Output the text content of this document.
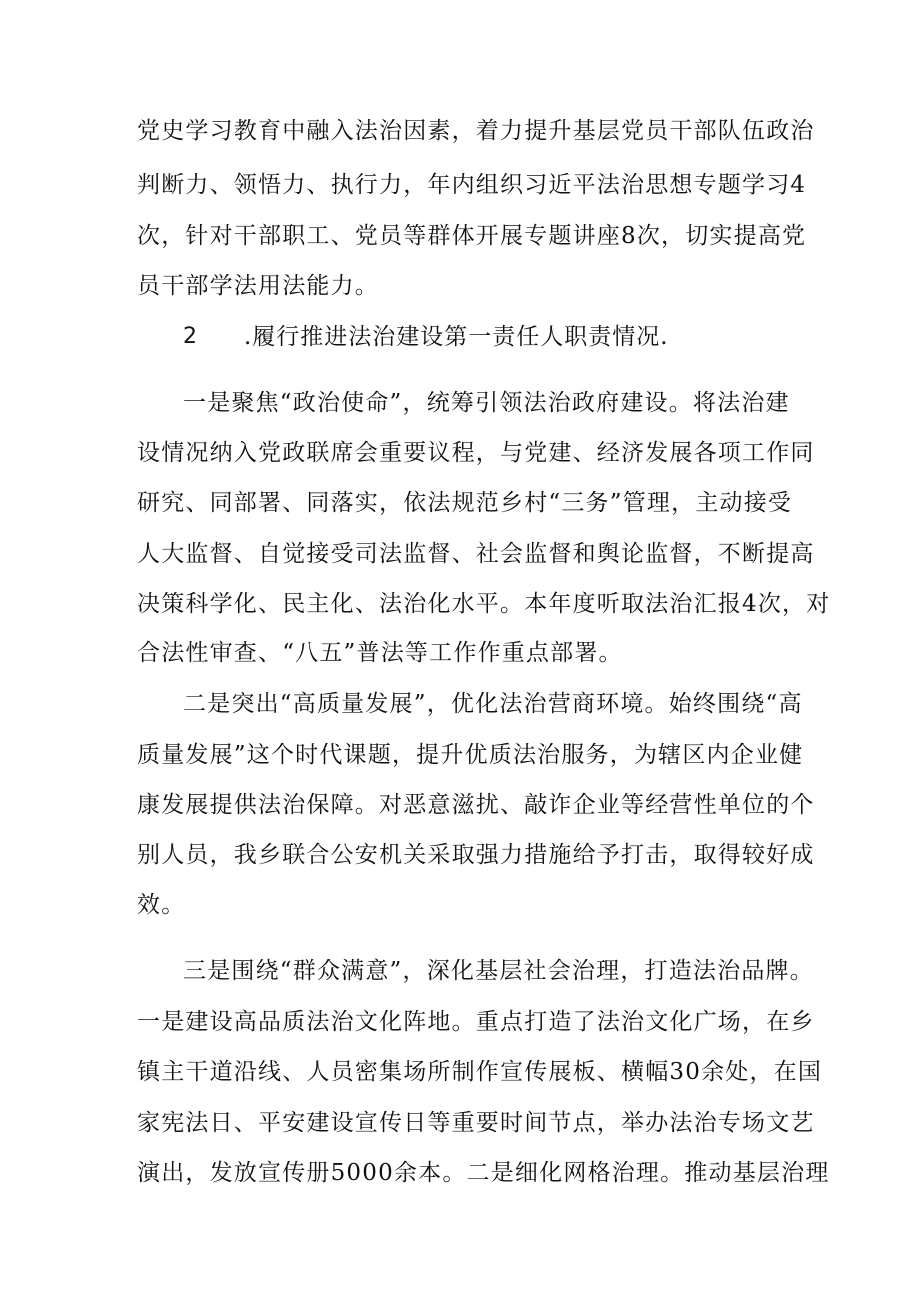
党史学习教育中融入法治因素，着力提升基层党员干部队伍政治
判断力、领悟力、执行力，年内组织习近平法治思想专题学习4
次，针对干部职工、党员等群体开展专题讲座8次，切实提高党
员干部学法用法能力。
2 .履行推进法治建设第一责任人职责情况.
一是聚焦“政治使命”，统筹引领法治政府建设。将法治建
设情况纳入党政联席会重要议程，与党建、经济发展各项工作同
研究、同部署、同落实，依法规范乡村“三务”管理，主动接受
人大监督、自觉接受司法监督、社会监督和舆论监督，不断提高
决策科学化、民主化、法治化水平。本年度听取法治汇报4次，对
合法性审查、“八五”普法等工作作重点部署。
二是突出“高质量发展”，优化法治营商环境。始终围绕“高
质量发展”这个时代课题，提升优质法治服务，为辖区内企业健
康发展提供法治保障。对恶意滋扰、敲诈企业等经营性单位的个
别人员，我乡联合公安机关采取强力措施给予打击，取得较好成
效。
三是围绕“群众满意”，深化基层社会治理，打造法治品牌。
一是建设高品质法治文化阵地。重点打造了法治文化广场，在乡
镇主干道沿线、人员密集场所制作宣传展板、横幅30余处，在国
家宪法日、平安建设宣传日等重要时间节点，举办法治专场文艺
演出，发放宣传册5000余本。二是细化网格治理。推动基层治理
